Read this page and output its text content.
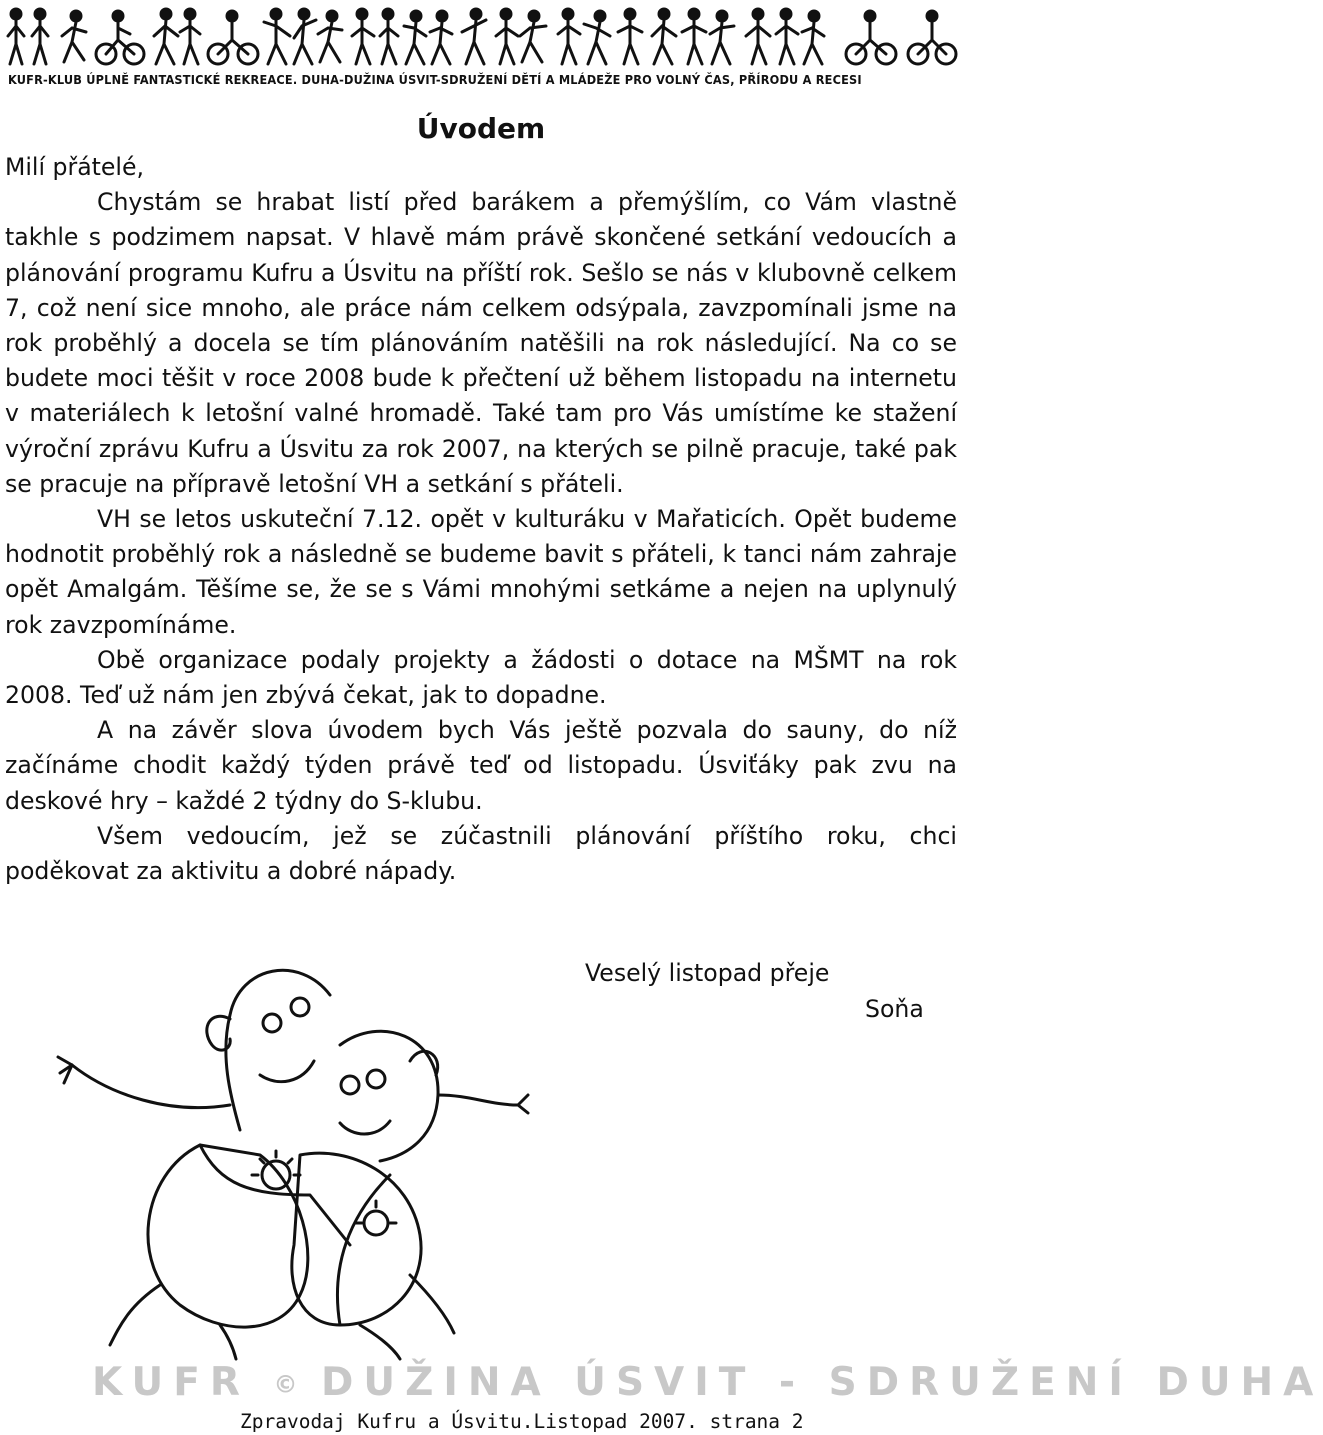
KUFR-KLUB ÚPLNĚ FANTASTICKÉ REKREACE. DUHA-DUŽINA ÚSVIT-SDRUŽENÍ DĚTÍ A MLÁDEŽE PRO VOLNÝ ČAS, PŘÍRODU A RECESI
Úvodem

Milí přátelé,

Chystám se hrabat listí před barákem a přemýšlím, co Vám vlastně takhle s podzimem napsat. V hlavě mám právě skončené setkání vedoucích a plánování programu Kufru a Úsvitu na příští rok. Sešlo se nás v klubovně celkem 7, což není sice mnoho, ale práce nám celkem odsýpala, zavzpomínali jsme na rok proběhlý a docela se tím plánováním natěšili na rok následující. Na co se budete moci těšit v roce 2008 bude k přečtení už během listopadu na internetu v materiálech k letošní valné hromadě. Také tam pro Vás umístíme ke stažení výroční zprávu Kufru a Úsvitu za rok 2007, na kterých se pilně pracuje, také pak se pracuje na přípravě letošní VH a setkání s přáteli.

VH se letos uskuteční 7.12. opět v kulturáku v Mařaticích. Opět budeme hodnotit proběhlý rok a následně se budeme bavit s přáteli, k tanci nám zahraje opět Amalgám. Těšíme se, že se s Vámi mnohými setkáme a nejen na uplynulý rok zavzpomínáme.

Obě organizace podaly projekty a žádosti o dotace na MŠMT na rok 2008. Teď už nám jen zbývá čekat, jak to dopadne.

A na závěr slova úvodem bych Vás ještě pozvala do sauny, do níž začínáme chodit každý týden právě teď od listopadu. Úsviťáky pak zvu na deskové hry – každé 2 týdny do S-klubu.

Všem vedoucím, jež se zúčastnili plánování příštího roku, chci poděkovat za aktivitu a dobré nápady.

Veselý listopad přeje
Soňa
KUFR © DUŽINA ÚSVIT - SDRUŽENÍ DUHA
Zpravodaj Kufru a Úsvitu.Listopad 2007. strana 2
